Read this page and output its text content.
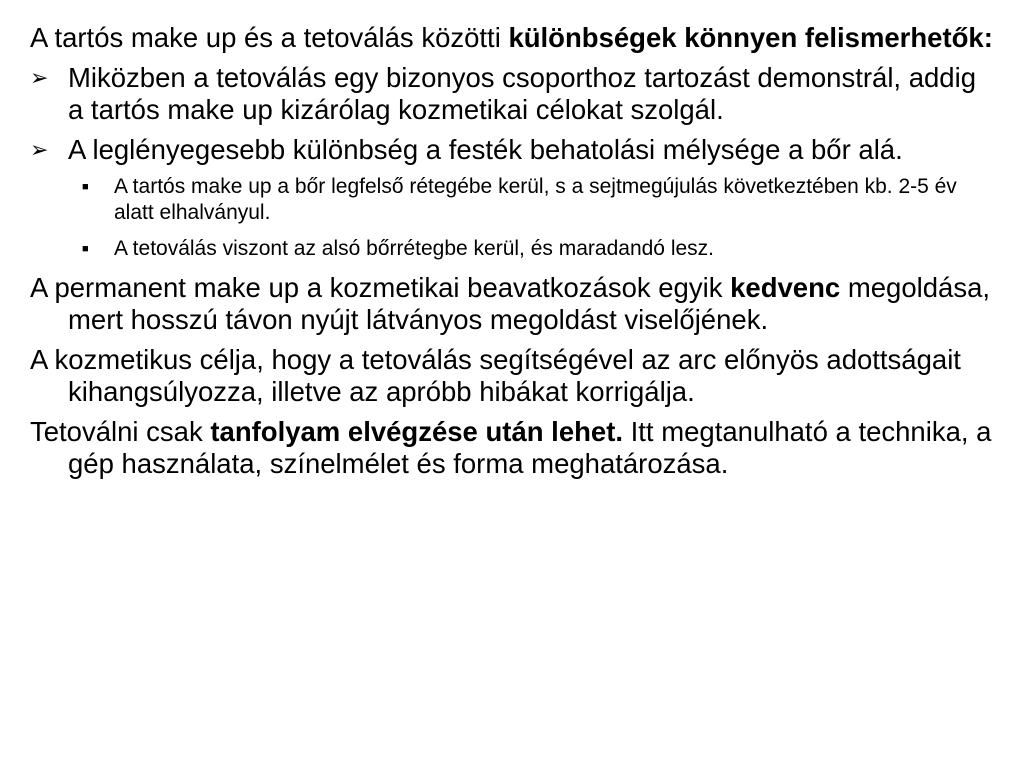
A tartós make up és a tetoválás közötti különbségek könnyen felismerhetők:
➢ Miközben a tetoválás egy bizonyos csoporthoz tartozást demonstrál, addig a tartós make up kizárólag kozmetikai célokat szolgál.
➢ A leglényegesebb különbség a festék behatolási mélysége a bőr alá.
■	A tartós make up a bőr legfelső rétegébe kerül, s a sejtmegújulás következtében kb. 2-5 év alatt elhalványul.
■	A tetoválás viszont az alsó bőrrétegbe kerül, és maradandó lesz.
A permanent make up a kozmetikai beavatkozások egyik kedvenc megoldása, mert hosszú távon nyújt látványos megoldást viselőjének.
A kozmetikus célja, hogy a tetoválás segítségével az arc előnyös adottságait kihangsúlyozza, illetve az apróbb hibákat korrigálja.
Tetoválni csak tanfolyam elvégzése után lehet. Itt megtanulható a technika, a gép használata, színelmélet és forma meghatározása.
